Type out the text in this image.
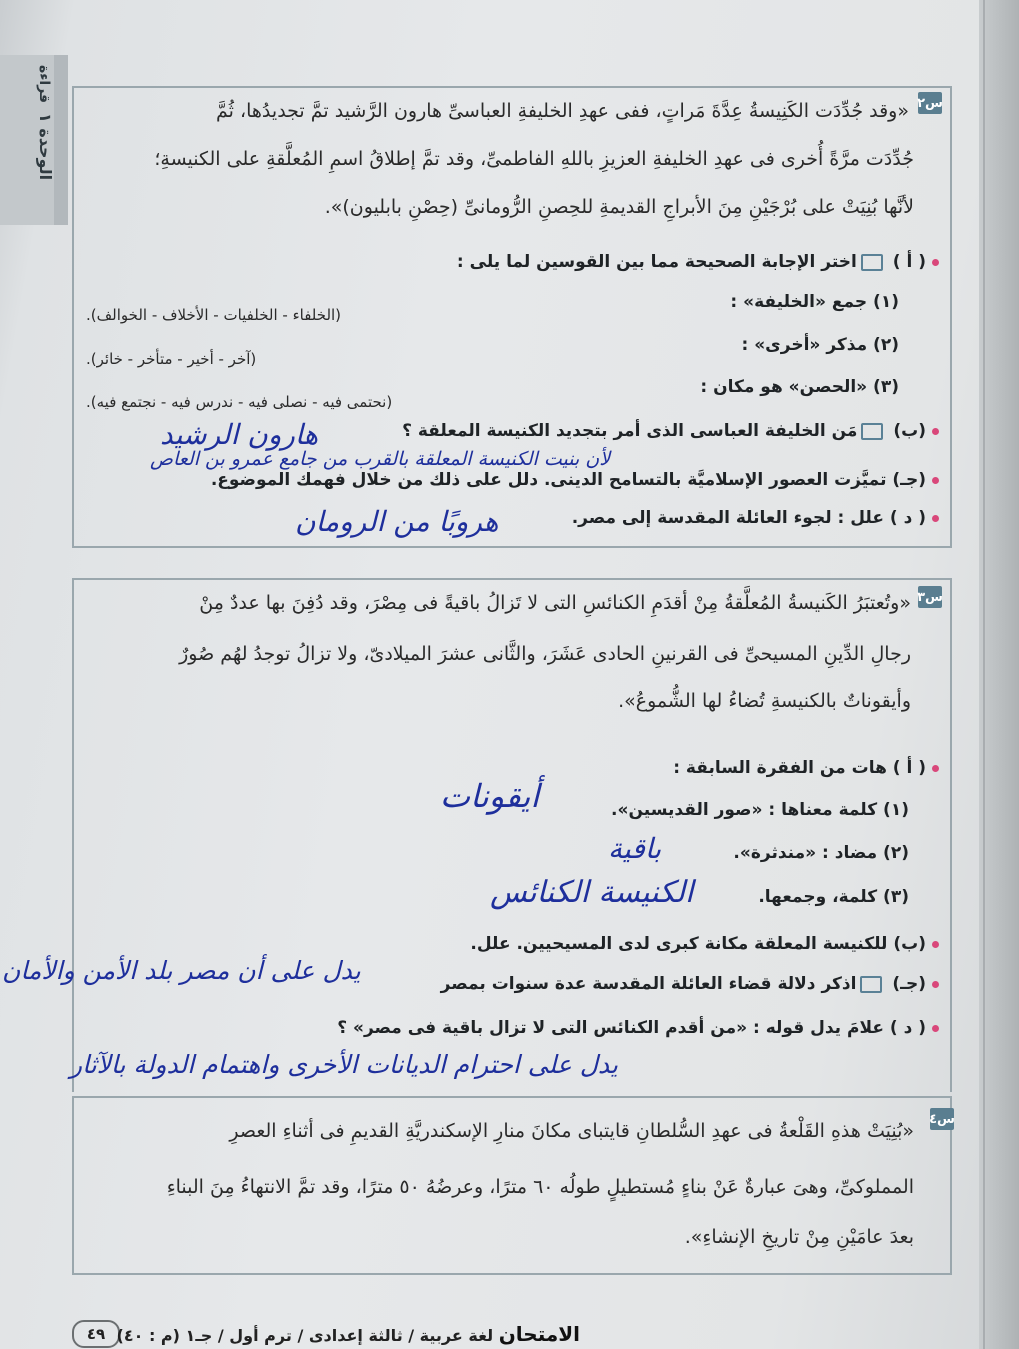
قراءة
الوحدة ١
س٢
«وقد جُدِّدَت الكَنِيسةُ عِدَّةَ مَراتٍ، ففى عهدِ الخليفةِ العباسىِّ هارون الرَّشيد تمَّ تجديدُها، ثُمَّ
جُدِّدَت مرَّةً أُخرى فى عهدِ الخليفةِ العزيزِ باللهِ الفاطمىِّ، وقد تمَّ إطلاقُ اسمِ المُعلَّقةِ على الكنيسةِ؛
لأنَّها بُنِيَتْ على بُرْجَيْنِ مِنَ الأبراجِ القديمةِ للحِصنِ الرُّومانىِّ (حِصْنِ بابليون)».
( أ ) اختر الإجابة الصحيحة مما بين القوسين لما يلى :
(١) جمع «الخليفة» :
(الخلفاء - الخلفيات - الأخلاف - الخوالف).
(٢) مذكر «أخرى» :
(آخر - أخير - متأخر - خائر).
(٣) «الحصن» هو مكان :
(نحتمى فيه - نصلى فيه - ندرس فيه - نجتمع فيه).
(ب) مَن الخليفة العباسى الذى أمر بتجديد الكنيسة المعلقة ؟
هارون الرشيد
لأن بنيت الكنيسة المعلقة بالقرب من جامع عمرو بن العاص
(جـ) تميَّزت العصور الإسلاميَّة بالتسامح الدينى. دلل على ذلك من خلال فهمك الموضوع.
( د ) علل : لجوء العائلة المقدسة إلى مصر.
هروبًا من الرومان
س٣
«وتُعتبَرُ الكَنيسةُ المُعلَّقةُ مِنْ أقدَمِ الكنائسِ التى لا تَزالُ باقيةً فى مِصْرَ، وقد دُفِنَ بها عددٌ مِنْ
رجالِ الدِّينِ المسيحىِّ فى القرنينِ الحادى عَشَرَ، والثَّانى عشرَ الميلادىّ، ولا تزالُ توجدُ لهُم صُورٌ
وأيقوناتٌ بالكنيسةِ تُضاءُ لها الشُّموعُ».
( أ ) هات من الفقرة السابقة :
(١) كلمة معناها : «صور القديسين».
أيقونات
(٢) مضاد : «مندثرة».
باقية
(٣) كلمة، وجمعها.
الكنيسة الكنائس
(ب) للكنيسة المعلقة مكانة كبرى لدى المسيحيين. علل.
(جـ) اذكر دلالة قضاء العائلة المقدسة عدة سنوات بمصر
يدل على أن مصر بلد الأمن والأمان
( د ) علامَ يدل قوله : «من أقدم الكنائس التى لا تزال باقية فى مصر» ؟
يدل على احترام الديانات الأخرى واهتمام الدولة بالآثار
س٤
«بُنِيَتْ هذهِ القَلْعةُ فى عهدِ السُّلطانِ قايتباى مكانَ منارِ الإسكندريَّةِ القديمِ فى أثناءِ العصرِ
المملوكىِّ، وهىَ عبارةٌ عَنْ بناءٍ مُستطيلٍ طولُه ٦٠ مترًا، وعرضُهُ ٥٠ مترًا، وقد تمَّ الانتهاءُ مِنَ البناءِ
بعدَ عامَيْنِ مِنْ تاريخِ الإنشاءِ».
٤٩	الامتحان لغة عربية / ثالثة إعدادى / ترم أول / جـ١ (م : ٤٠)
